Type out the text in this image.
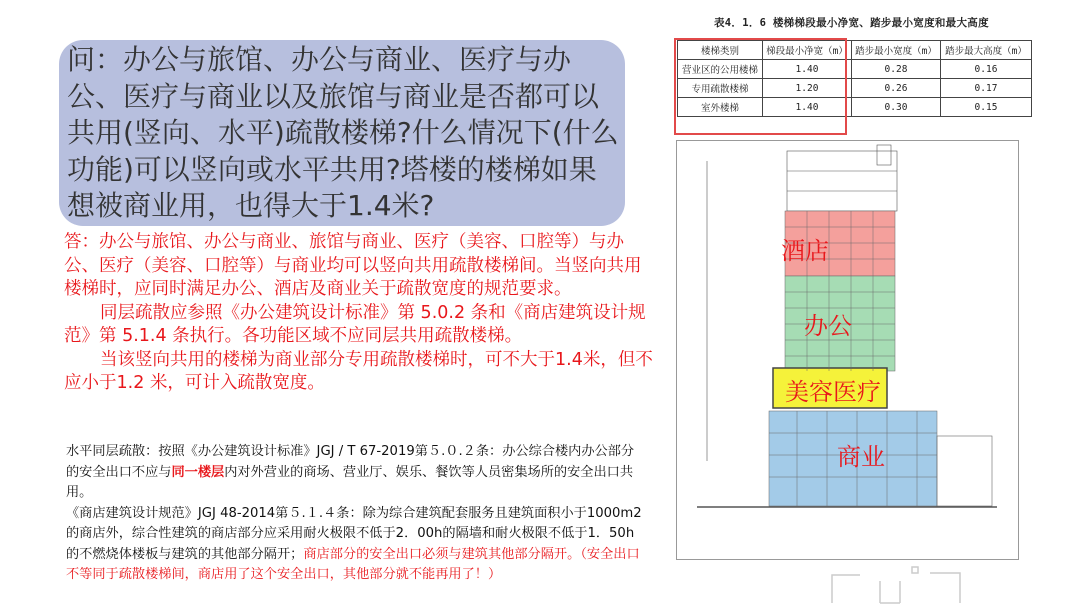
问：办公与旅馆、办公与商业、医疗与办公、医疗与商业以及旅馆与商业是否都可以共用(竖向、水平)疏散楼梯?什么情况下(什么功能)可以竖向或水平共用?塔楼的楼梯如果想被商业用，也得大于1.4米?

答：办公与旅馆、办公与商业、旅馆与商业、医疗（美容、口腔等）与办公、医疗（美容、口腔等）与商业均可以竖向共用疏散楼梯间。当竖向共用楼梯时，应同时满足办公、酒店及商业关于疏散宽度的规范要求。

同层疏散应参照《办公建筑设计标准》第 5.0.2 条和《商店建筑设计规范》第 5.1.4 条执行。各功能区域不应同层共用疏散楼梯。

当该竖向共用的楼梯为商业部分专用疏散楼梯时，可不大于1.4米，但不应小于1.2 米，可计入疏散宽度。

水平同层疏散：按照《办公建筑设计标准》JGJ / T 67-2019第５.０.２条：办公综合楼内办公部分的安全出口不应与同一楼层内对外营业的商场、营业厅、娱乐、餐饮等人员密集场所的安全出口共用。

《商店建筑设计规范》JGJ 48-2014第５.１.４条：除为综合建筑配套服务且建筑面积小于1000m2的商店外，综合性建筑的商店部分应采用耐火极限不低于2．00h的隔墙和耐火极限不低于1．50h的不燃烧体楼板与建筑的其他部分隔开；商店部分的安全出口必须与建筑其他部分隔开。（安全出口不等同于疏散楼梯间，商店用了这个安全出口，其他部分就不能再用了！）

表4．1．6 楼梯梯段最小净宽、踏步最小宽度和最大高度
楼梯类别	梯段最小净宽（m）	踏步最小宽度（m）	踏步最大高度（m）
营业区的公用楼梯	1.40	0.28	0.16
专用疏散楼梯	1.20	0.26	0.17
室外楼梯	1.40	0.30	0.15
酒店
办公
美容医疗
商业
